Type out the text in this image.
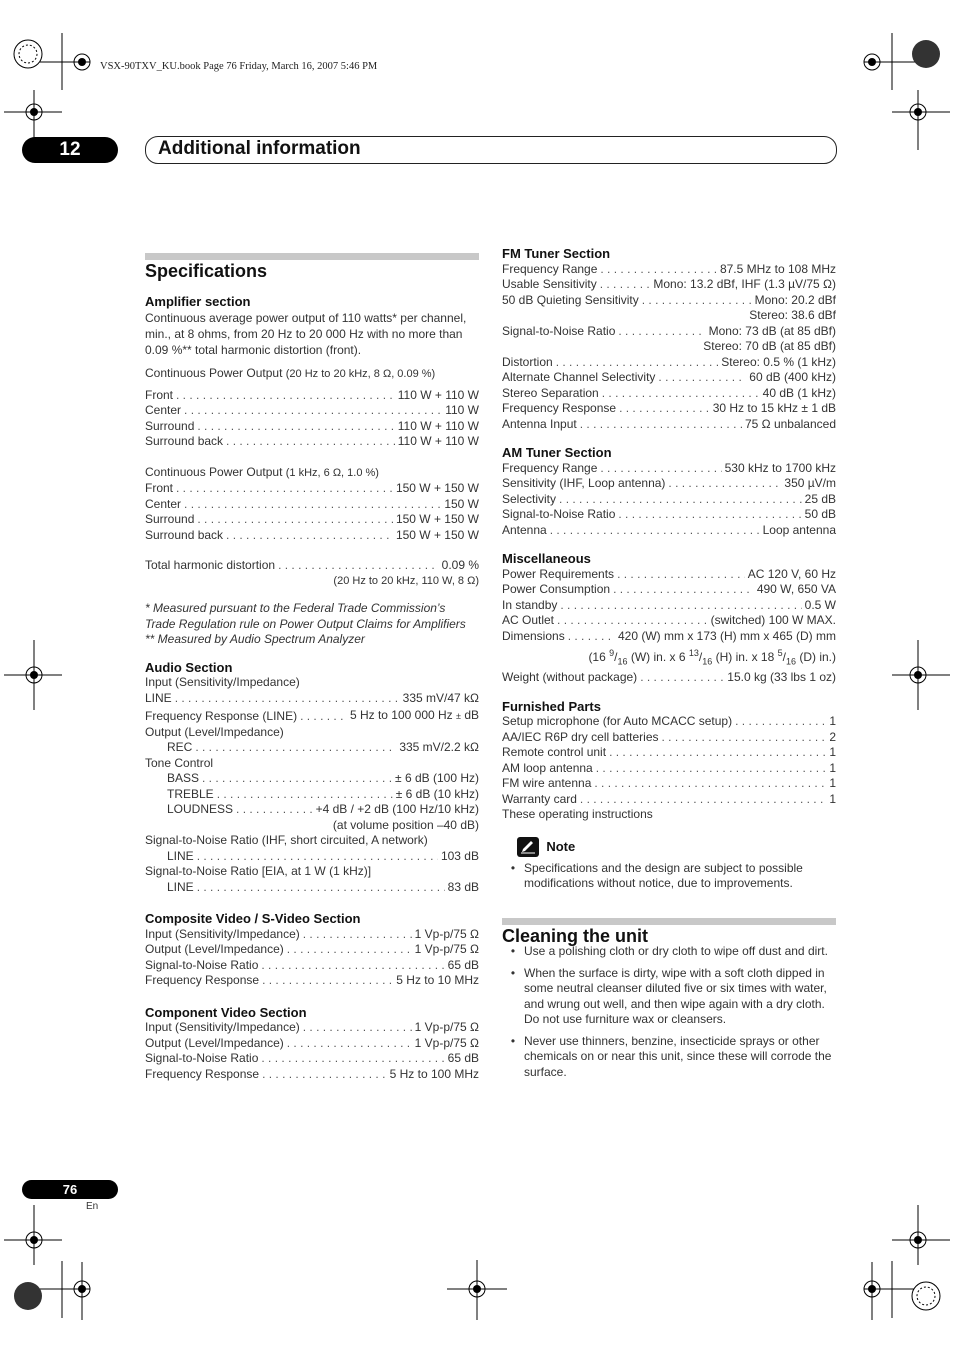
VSX-90TXV_KU.book Page 76 Friday, March 16, 2007 5:46 PM
12	Additional information
Specifications
Amplifier section

Continuous average power output of 110 watts* per channel, min., at 8 ohms, from 20 Hz to 20 000 Hz with no more than 0.09 %** total harmonic distortion (front).

Continuous Power Output (20 Hz to 20 kHz, 8 Ω, 0.09 %)

Front . . .	110 W + 110 W
Center . . .	110 W
Surround . . .	110 W + 110 W
Surround back . . .	110 W + 110 W

Continuous Power Output (1 kHz, 6 Ω, 1.0 %)

Front . . .	150 W + 150 W
Center . . .	150 W
Surround . . .	150 W + 150 W
Surround back . . .	150 W + 150 W
Total harmonic distortion . . .	0.09 %
(20 Hz to 20 kHz, 110 W, 8 Ω)

* Measured pursuant to the Federal Trade Commission’s Trade Regulation rule on Power Output Claims for Amplifiers

** Measured by Audio Spectrum Analyzer

Audio Section

Input (Sensitivity/Impedance)

LINE . . .	335 mV/47 kΩ
Frequency Response (LINE) . . .	5 Hz to 100 000 Hz ± dB

Output (Level/Impedance)

REC . . .	335 mV/2.2 kΩ

Tone Control

BASS . . .	± 6 dB (100 Hz)
TREBLE . . .	± 6 dB (10 kHz)
LOUDNESS . . .	+4 dB / +2 dB (100 Hz/10 kHz)
(at volume position –40 dB)

Signal-to-Noise Ratio (IHF, short circuited, A network)

LINE . . .	103 dB

Signal-to-Noise Ratio [EIA, at 1 W (1 kHz)]

LINE . . .	83 dB
Composite Video / S-Video Section
Input (Sensitivity/Impedance) . . .	1 Vp-p/75 Ω
Output (Level/Impedance) . . .	1 Vp-p/75 Ω
Signal-to-Noise Ratio . . .	65 dB
Frequency Response . . .	5 Hz to 10 MHz
Component Video Section
Input (Sensitivity/Impedance) . . .	1 Vp-p/75 Ω
Output (Level/Impedance) . . .	1 Vp-p/75 Ω
Signal-to-Noise Ratio . . .	65 dB
Frequency Response . . .	5 Hz to 100 MHz
FM Tuner Section
Frequency Range . . .	87.5 MHz to 108 MHz
Usable Sensitivity . . .	Mono: 13.2 dBf, IHF (1.3 µV/75 Ω)
50 dB Quieting Sensitivity . . .	Mono: 20.2 dBf
Stereo: 38.6 dBf
Signal-to-Noise Ratio . . .	Mono: 73 dB (at 85 dBf)
Stereo: 70 dB (at 85 dBf)
Distortion . . .	Stereo: 0.5 % (1 kHz)
Alternate Channel Selectivity . . .	60 dB (400 kHz)
Stereo Separation . . .	40 dB (1 kHz)
Frequency Response . . .	30 Hz to 15 kHz ± 1 dB
Antenna Input . . .	75 Ω unbalanced
AM Tuner Section
Frequency Range . . .	530 kHz to 1700 kHz
Sensitivity (IHF, Loop antenna) . . .	350 µV/m
Selectivity . . .	25 dB
Signal-to-Noise Ratio . . .	50 dB
Antenna . . .	Loop antenna
Miscellaneous
Power Requirements . . .	AC 120 V, 60 Hz
Power Consumption . . .	490 W, 650 VA
In standby . . .	0.5 W
AC Outlet . . .	(switched) 100 W MAX.
Dimensions . . .	420 (W) mm x 173 (H) mm x 465 (D) mm
(16 $^9/_{16}$ (W) in. x 6 $^{13}/_{16}$ (H) in. x 18 $^5/_{16}$ (D) in.)
Weight (without package) . . .	15.0 kg (33 lbs 1 oz)
Furnished Parts
Setup microphone (for Auto MCACC setup) . . .	1
AA/IEC R6P dry cell batteries . . .	2
Remote control unit . . .	1
AM loop antenna . . .	1
FM wire antenna . . .	1
Warranty card . . .	1

These operating instructions

Note
• Specifications and the design are subject to possible modifications without notice, due to improvements.
Cleaning the unit
• Use a polishing cloth or dry cloth to wipe off dust and dirt.
• When the surface is dirty, wipe with a soft cloth dipped in some neutral cleanser diluted five or six times with water, and wrung out well, and then wipe again with a dry cloth. Do not use furniture wax or cleansers.
• Never use thinners, benzine, insecticide sprays or other chemicals on or near this unit, since these will corrode the surface.
76
En
